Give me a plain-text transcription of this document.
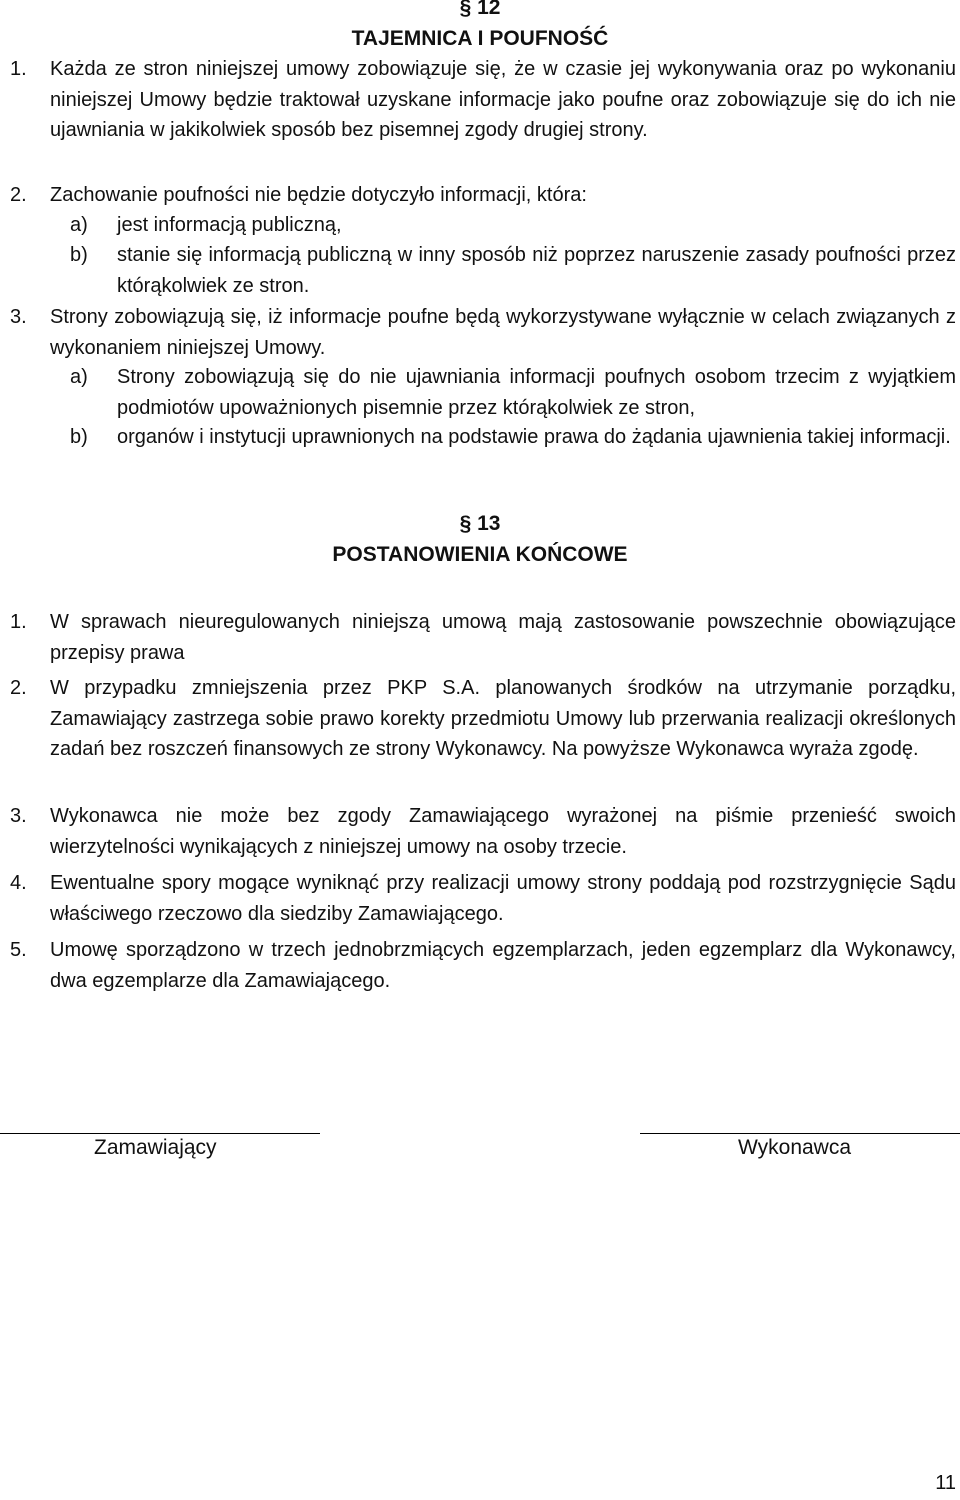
§ 12
TAJEMNICA I POUFNOŚĆ
1. Każda ze stron niniejszej umowy zobowiązuje się, że w czasie jej wykonywania oraz po wykonaniu niniejszej Umowy będzie traktował uzyskane informacje jako poufne oraz zobowiązuje się do ich nie ujawniania w jakikolwiek sposób bez pisemnej zgody drugiej strony.
2. Zachowanie poufności nie będzie dotyczyło informacji, która:
a) jest informacją publiczną,
b) stanie się informacją publiczną w inny sposób niż poprzez naruszenie zasady poufności przez którąkolwiek ze stron.
3. Strony zobowiązują się, iż informacje poufne będą wykorzystywane wyłącznie w celach związanych z wykonaniem niniejszej Umowy.
a) Strony zobowiązują się do nie ujawniania informacji poufnych osobom trzecim z wyjątkiem podmiotów upoważnionych pisemnie przez którąkolwiek ze stron,
b) organów i instytucji uprawnionych na podstawie prawa do żądania ujawnienia takiej informacji.
§ 13
POSTANOWIENIA KOŃCOWE
1. W sprawach nieuregulowanych niniejszą umową mają zastosowanie powszechnie obowiązujące przepisy prawa
2. W przypadku zmniejszenia przez PKP S.A. planowanych środków na utrzymanie porządku, Zamawiający zastrzega sobie prawo korekty przedmiotu Umowy lub przerwania realizacji określonych zadań bez roszczeń finansowych ze strony Wykonawcy. Na powyższe Wykonawca wyraża zgodę.
3. Wykonawca nie może bez zgody Zamawiającego wyrażonej na piśmie przenieść swoich wierzytelności wynikających z niniejszej umowy na osoby trzecie.
4. Ewentualne spory mogące wyniknąć przy realizacji umowy strony poddają pod rozstrzygnięcie Sądu właściwego rzeczowo dla siedziby Zamawiającego.
5. Umowę sporządzono w trzech jednobrzmiących egzemplarzach, jeden egzemplarz dla Wykonawcy, dwa egzemplarze dla Zamawiającego.
Zamawiający	Wykonawca
11
